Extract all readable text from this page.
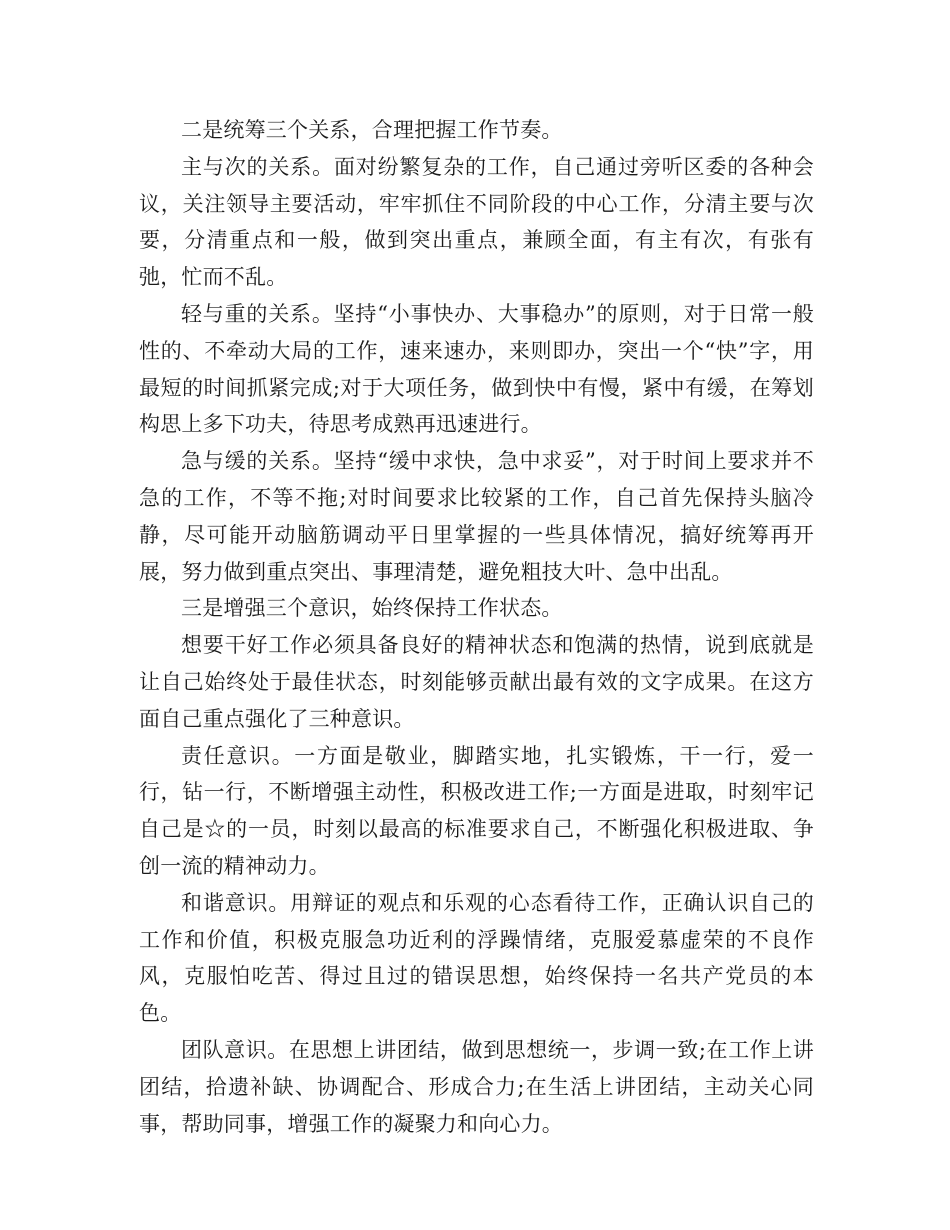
二是统筹三个关系，合理把握工作节奏。

主与次的关系。面对纷繁复杂的工作，自己通过旁听区委的各种会议，关注领导主要活动，牢牢抓住不同阶段的中心工作，分清主要与次要，分清重点和一般，做到突出重点，兼顾全面，有主有次，有张有弛，忙而不乱。

轻与重的关系。坚持“小事快办、大事稳办”的原则，对于日常一般性的、不牵动大局的工作，速来速办，来则即办，突出一个“快”字，用最短的时间抓紧完成;对于大项任务，做到快中有慢，紧中有缓，在筹划构思上多下功夫，待思考成熟再迅速进行。

急与缓的关系。坚持“缓中求快，急中求妥”，对于时间上要求并不急的工作，不等不拖;对时间要求比较紧的工作，自己首先保持头脑冷静，尽可能开动脑筋调动平日里掌握的一些具体情况，搞好统筹再开展，努力做到重点突出、事理清楚，避免粗技大叶、急中出乱。

三是增强三个意识，始终保持工作状态。

想要干好工作必须具备良好的精神状态和饱满的热情，说到底就是让自己始终处于最佳状态，时刻能够贡献出最有效的文字成果。在这方面自己重点强化了三种意识。

责任意识。一方面是敬业，脚踏实地，扎实锻炼，干一行，爱一行，钻一行，不断增强主动性，积极改进工作;一方面是进取，时刻牢记自己是☆的一员，时刻以最高的标准要求自己，不断强化积极进取、争创一流的精神动力。

和谐意识。用辩证的观点和乐观的心态看待工作，正确认识自己的工作和价值，积极克服急功近利的浮躁情绪，克服爱慕虚荣的不良作风，克服怕吃苦、得过且过的错误思想，始终保持一名共产党员的本色。

团队意识。在思想上讲团结，做到思想统一，步调一致;在工作上讲团结，拾遗补缺、协调配合、形成合力;在生活上讲团结，主动关心同事，帮助同事，增强工作的凝聚力和向心力。
